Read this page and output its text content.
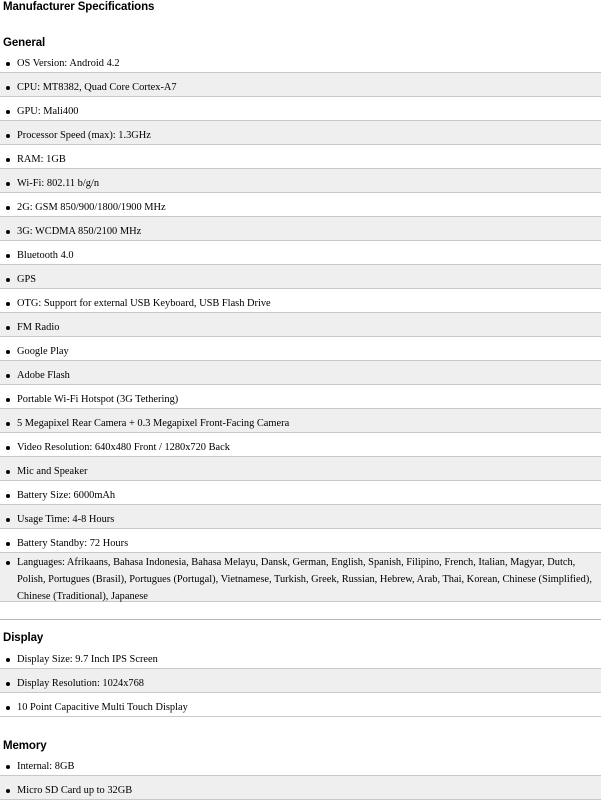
Manufacturer Specifications
General
OS Version: Android 4.2
CPU: MT8382, Quad Core Cortex-A7
GPU: Mali400
Processor Speed (max): 1.3GHz
RAM: 1GB
Wi-Fi: 802.11 b/g/n
2G: GSM 850/900/1800/1900 MHz
3G: WCDMA 850/2100 MHz
Bluetooth 4.0
GPS
OTG: Support for external USB Keyboard, USB Flash Drive
FM Radio
Google Play
Adobe Flash
Portable Wi-Fi Hotspot (3G Tethering)
5 Megapixel Rear Camera + 0.3 Megapixel Front-Facing Camera
Video Resolution: 640x480 Front / 1280x720 Back
Mic and Speaker
Battery Size: 6000mAh
Usage Time: 4-8 Hours
Battery Standby: 72 Hours
Languages: Afrikaans, Bahasa Indonesia, Bahasa Melayu, Dansk, German, English, Spanish, Filipino, French, Italian, Magyar, Dutch, Polish, Portugues (Brasil), Portugues (Portugal), Vietnamese, Turkish, Greek, Russian, Hebrew, Arab, Thai, Korean, Chinese (Simplified), Chinese (Traditional), Japanese
Display
Display Size: 9.7 Inch IPS Screen
Display Resolution: 1024x768
10 Point Capacitive Multi Touch Display
Memory
Internal: 8GB
Micro SD Card up to 32GB
